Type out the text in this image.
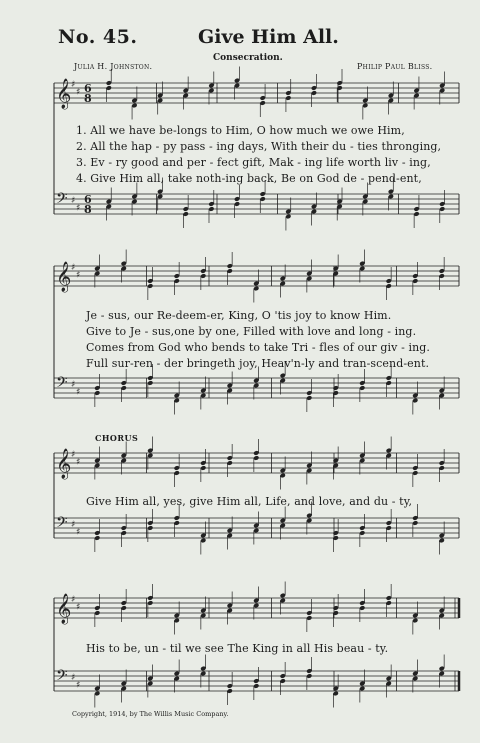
No. 45.	Give Him All.
Consecration.
Julia H. Johnston.	Philip Paul Bliss.
𝄞
𝄢
♯
♯
♯
♯
6
6
8
8
𝄞
𝄢
♯
♯
♯
♯
𝄞
𝄢
♯
♯
♯
♯
𝄞
𝄢
♯
♯
♯
♯
1. All we have be-longs to Him, O how much we owe Him,
2. All the hap - py pass - ing days, With their du - ties thronging,
3. Ev - ry good and per - fect gift, Mak - ing life worth liv - ing,
4. Give Him all, take noth-ing back, Be on God de - pend-ent,
Je - sus, our Re-deem-er, King, O 'tis joy to know Him.
Give to Je - sus,one by one, Filled with love and long - ing.
Comes from God who bends to take Tri - fles of our giv - ing.
Full sur-ren - der bringeth joy, Heav'n-ly and tran-scend-ent.
CHORUS
Give Him all, yes, give Him all, Life, and love, and du - ty,
His to be, un - til we see The King in all His beau - ty.
Copyright, 1914, by The Willis Music Company.
